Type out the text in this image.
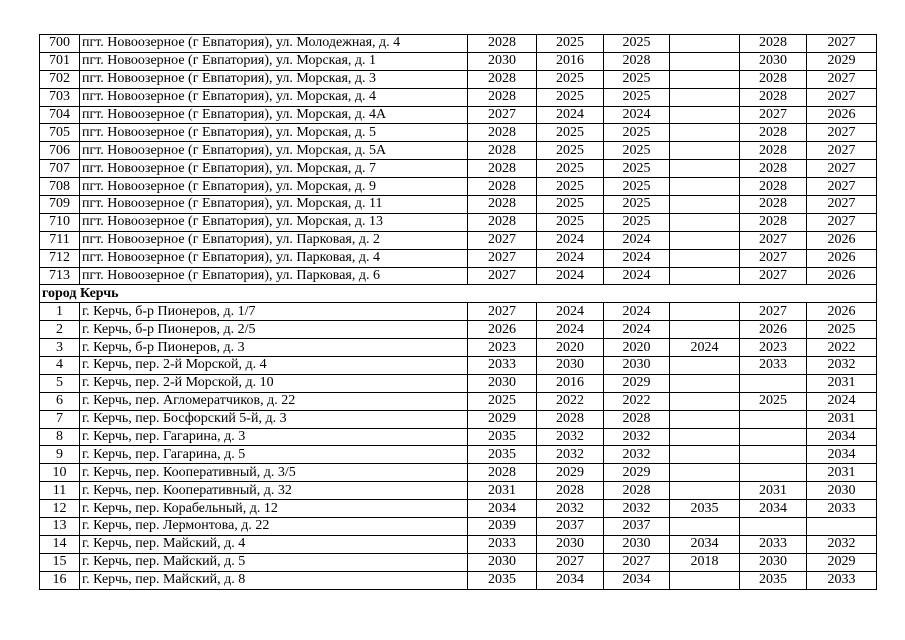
700	пгт. Новоозерное (г Евпатория), ул. Молодежная, д. 4	2028	2025	2025		2028	2027
701	пгт. Новоозерное (г Евпатория), ул. Морская, д. 1	2030	2016	2028		2030	2029
702	пгт. Новоозерное (г Евпатория), ул. Морская, д. 3	2028	2025	2025		2028	2027
703	пгт. Новоозерное (г Евпатория), ул. Морская, д. 4	2028	2025	2025		2028	2027
704	пгт. Новоозерное (г Евпатория), ул. Морская, д. 4А	2027	2024	2024		2027	2026
705	пгт. Новоозерное (г Евпатория), ул. Морская, д. 5	2028	2025	2025		2028	2027
706	пгт. Новоозерное (г Евпатория), ул. Морская, д. 5А	2028	2025	2025		2028	2027
707	пгт. Новоозерное (г Евпатория), ул. Морская, д. 7	2028	2025	2025		2028	2027
708	пгт. Новоозерное (г Евпатория), ул. Морская, д. 9	2028	2025	2025		2028	2027
709	пгт. Новоозерное (г Евпатория), ул. Морская, д. 11	2028	2025	2025		2028	2027
710	пгт. Новоозерное (г Евпатория), ул. Морская, д. 13	2028	2025	2025		2028	2027
711	пгт. Новоозерное (г Евпатория), ул. Парковая, д. 2	2027	2024	2024		2027	2026
712	пгт. Новоозерное (г Евпатория), ул. Парковая, д. 4	2027	2024	2024		2027	2026
713	пгт. Новоозерное (г Евпатория), ул. Парковая, д. 6	2027	2024	2024		2027	2026
город Керчь							
1	г. Керчь, б-р Пионеров, д. 1/7	2027	2024	2024		2027	2026
2	г. Керчь, б-р Пионеров, д. 2/5	2026	2024	2024		2026	2025
3	г. Керчь, б-р Пионеров, д. 3	2023	2020	2020	2024	2023	2022
4	г. Керчь, пер. 2-й Морской, д. 4	2033	2030	2030		2033	2032
5	г. Керчь, пер. 2-й Морской, д. 10	2030	2016	2029			2031
6	г. Керчь, пер. Агломератчиков, д. 22	2025	2022	2022		2025	2024
7	г. Керчь, пер. Босфорский 5-й, д. 3	2029	2028	2028			2031
8	г. Керчь, пер. Гагарина, д. 3	2035	2032	2032			2034
9	г. Керчь, пер. Гагарина, д. 5	2035	2032	2032			2034
10	г. Керчь, пер. Кооперативный, д. 3/5	2028	2029	2029			2031
11	г. Керчь, пер. Кооперативный, д. 32	2031	2028	2028		2031	2030
12	г. Керчь, пер. Корабельный, д. 12	2034	2032	2032	2035	2034	2033
13	г. Керчь, пер. Лермонтова, д. 22	2039	2037	2037			
14	г. Керчь, пер. Майский, д. 4	2033	2030	2030	2034	2033	2032
15	г. Керчь, пер. Майский, д. 5	2030	2027	2027	2018	2030	2029
16	г. Керчь, пер. Майский, д. 8	2035	2034	2034		2035	2033
